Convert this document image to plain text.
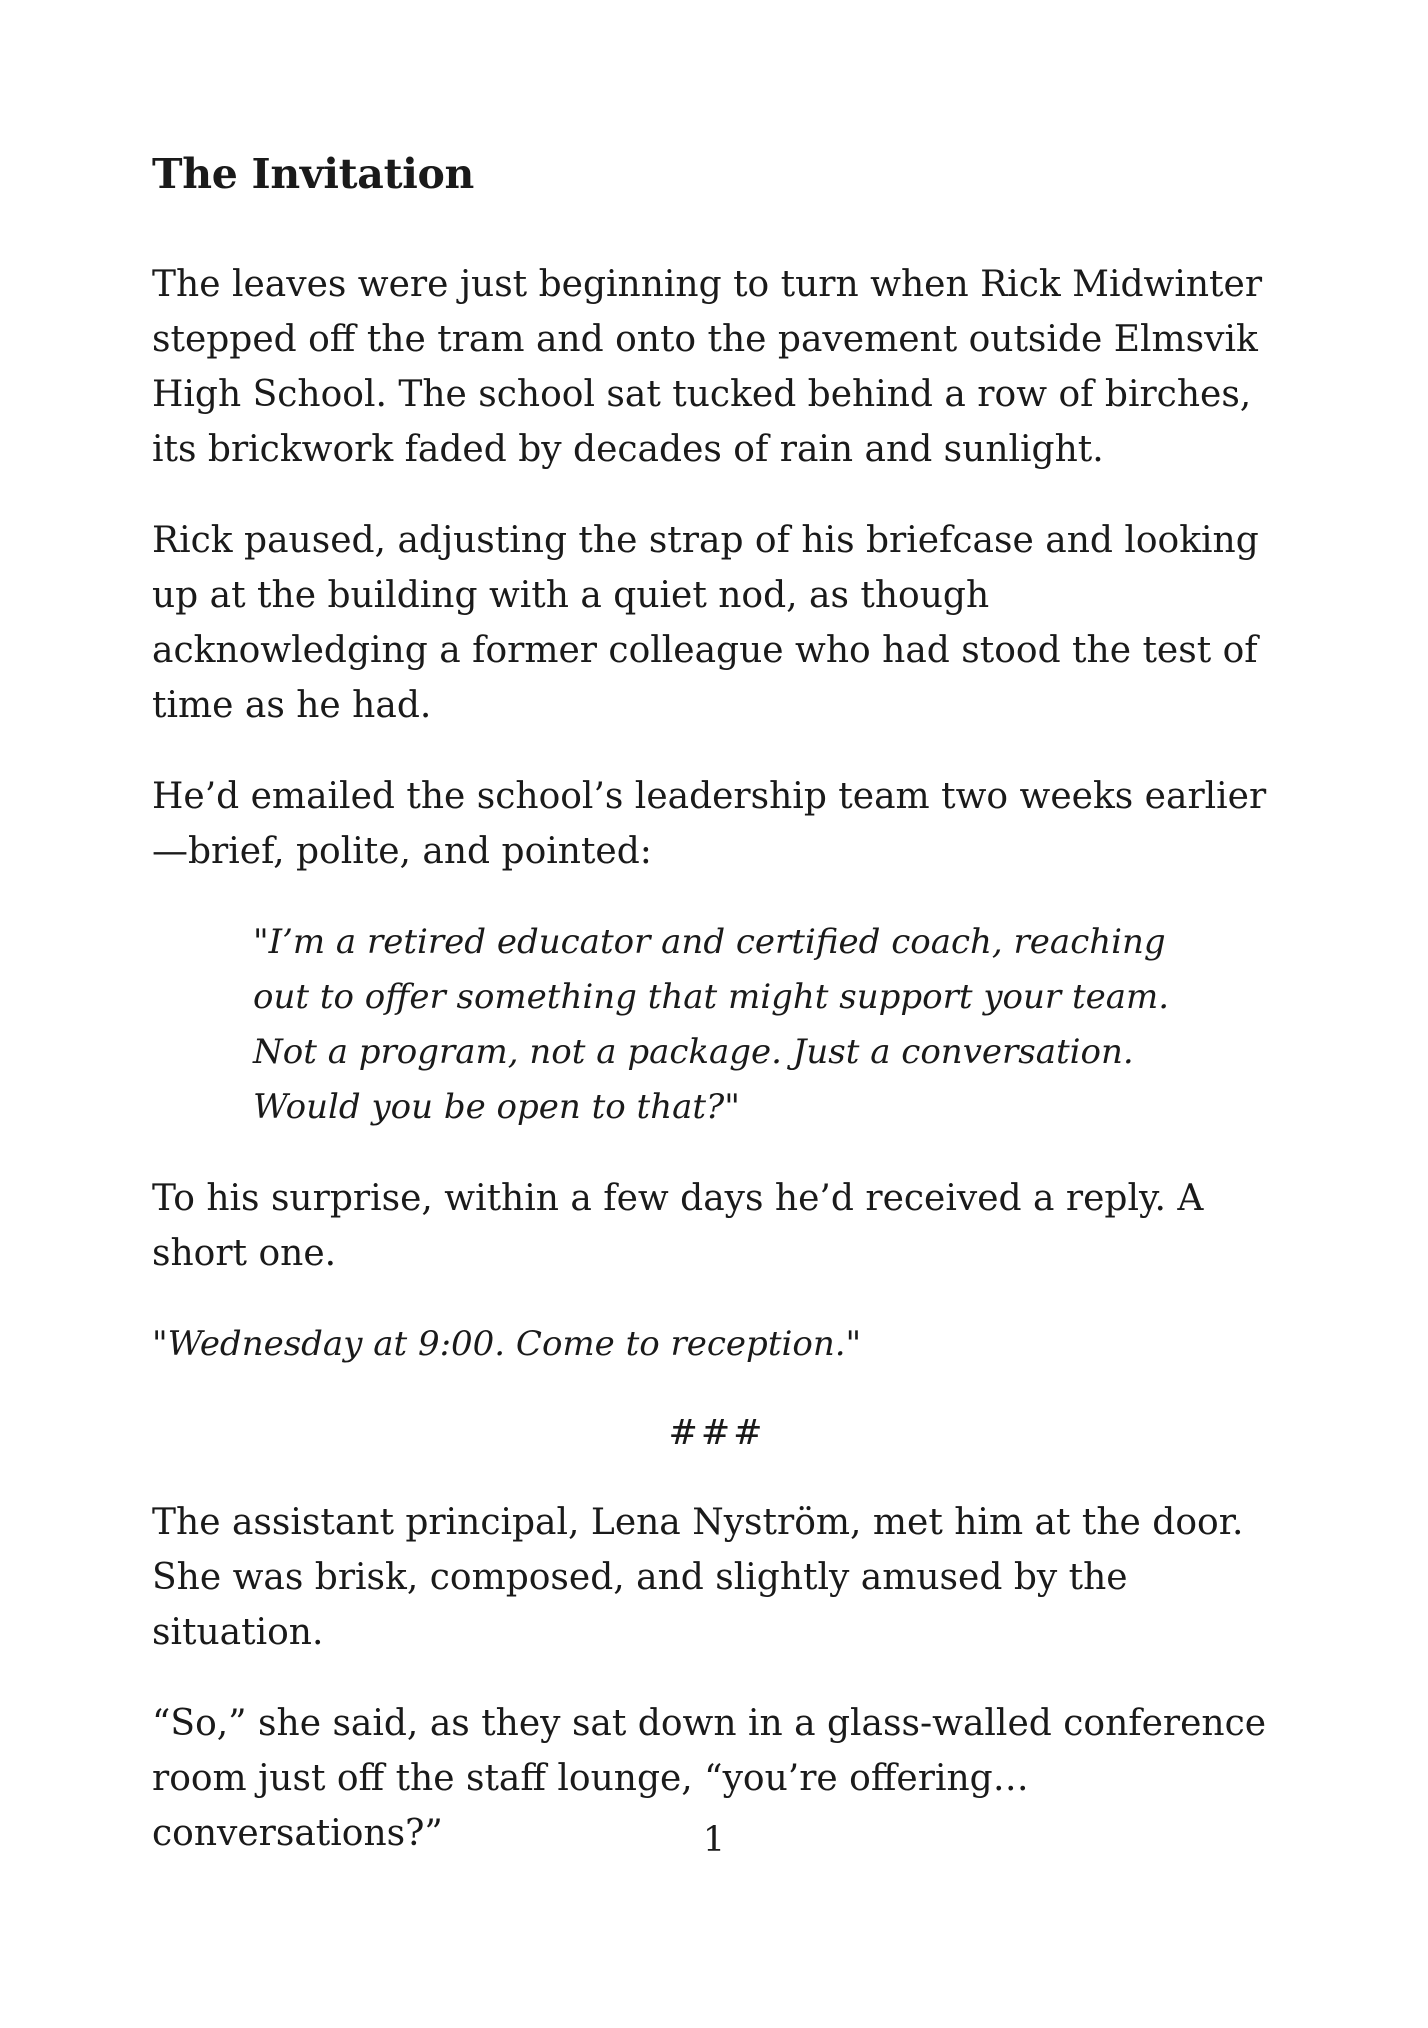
The Invitation

The leaves were just beginning to turn when Rick Midwinter stepped off the tram and onto the pavement outside Elmsvik High School. The school sat tucked behind a row of birches, its brickwork faded by decades of rain and sunlight.

Rick paused, adjusting the strap of his briefcase and looking up at the building with a quiet nod, as though acknowledging a former colleague who had stood the test of time as he had.

He’d emailed the school’s leadership team two weeks earlier—brief, polite, and pointed:

"I’m a retired educator and certified coach, reaching
out to offer something that might support your team.
Not a program, not a package. Just a conversation.
Would you be open to that?"

To his surprise, within a few days he’d received a reply. A short one.

"Wednesday at 9:00. Come to reception."

###

The assistant principal, Lena Nyström, met him at the door. She was brisk, composed, and slightly amused by the situation.

“So,” she said, as they sat down in a glass-walled conference room just off the staff lounge, “you’re offering… conversations?”	1
